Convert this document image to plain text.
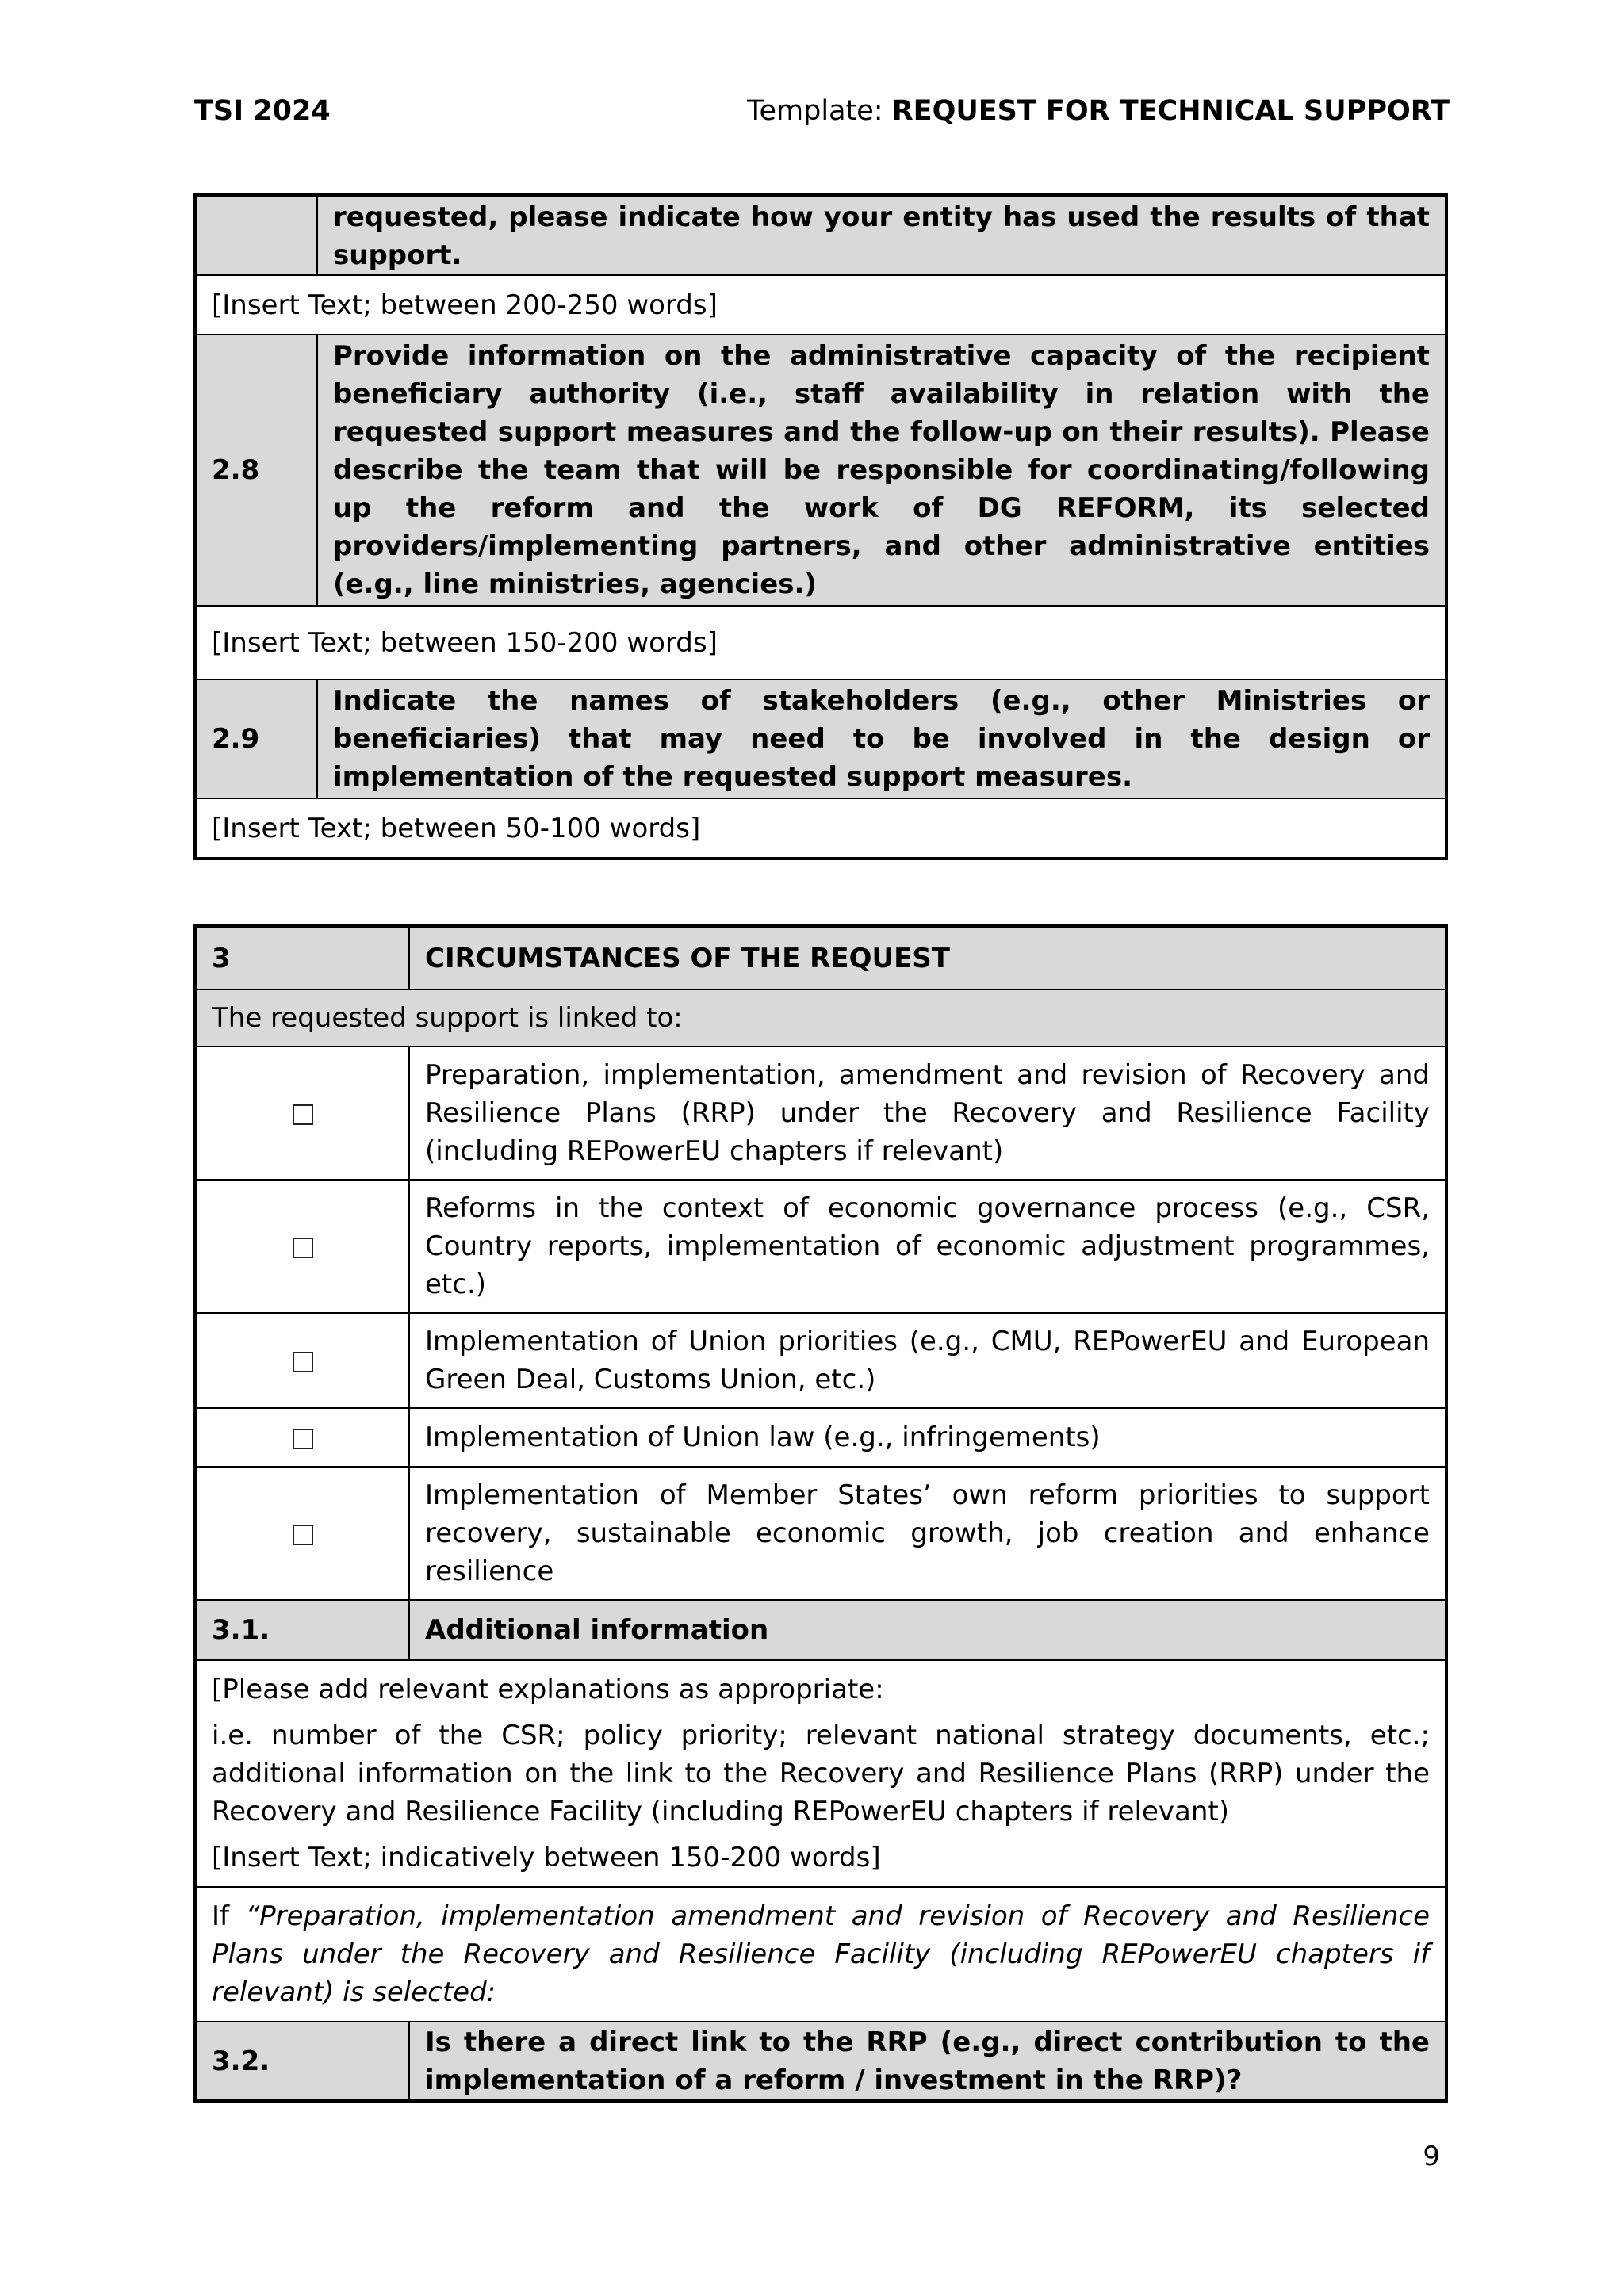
TSI 2024	Template: REQUEST FOR TECHNICAL SUPPORT
	requested, please indicate how your entity has used the results of that support.
[Insert Text; between 200-250 words]	
2.8	Provide information on the administrative capacity of the recipient beneficiary authority (i.e., staff availability in relation with the requested support measures and the follow-up on their results). Please describe the team that will be responsible for coordinating/following up the reform and the work of DG REFORM, its selected providers/implementing partners, and other administrative entities (e.g., line ministries, agencies.)
[Insert Text; between 150-200 words]	
2.9	Indicate the names of stakeholders (e.g., other Ministries or beneficiaries) that may need to be involved in the design or implementation of the requested support measures.
[Insert Text; between 50-100 words]	
3	CIRCUMSTANCES OF THE REQUEST
The requested support is linked to:	
	Preparation, implementation, amendment and revision of Recovery and Resilience Plans (RRP) under the Recovery and Resilience Facility (including REPowerEU chapters if relevant)
	Reforms in the context of economic governance process (e.g., CSR, Country reports, implementation of economic adjustment programmes, etc.)
	Implementation of Union priorities (e.g., CMU, REPowerEU and European Green Deal, Customs Union, etc.)
	Implementation of Union law (e.g., infringements)
	Implementation of Member States’ own reform priorities to support recovery, sustainable economic growth, job creation and enhance resilience
3.1.	Additional information

[Please add relevant explanations as appropriate:

i.e. number of the CSR; policy priority; relevant national strategy documents, etc.; additional information on the link to the Recovery and Resilience Plans (RRP) under the Recovery and Resilience Facility (including REPowerEU chapters if relevant)

[Insert Text; indicatively between 150-200 words]	

If “Preparation, implementation amendment and revision of Recovery and Resilience Plans under the Recovery and Resilience Facility (including REPowerEU chapters if relevant) is selected:	
3.2.	Is there a direct link to the RRP (e.g., direct contribution to the implementation of a reform / investment in the RRP)?
9
